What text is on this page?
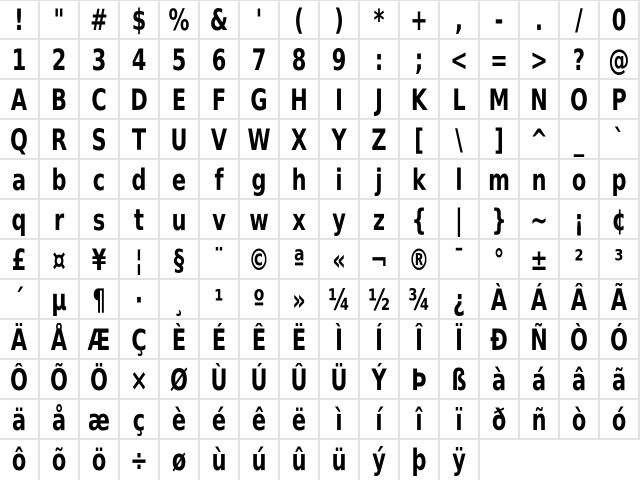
!	" # $ % & '	(	)	* + ,	-	.	/ 0
1 2 3 4 5 6 7 8 9 :	; < = > ? @
A B C D E F G H I	J K L M N O P
Q R S T U V W X Y Z [	\	] ^ _ `
a b c d e f g h i	j	k	l m n o p
q r s t u v w x y z { | } ~ ¡ ¢
£ ¤ ¥ ¦	§ ¨ © ª « ¬ ® ¯ ° ± ²	³
´ µ ¶	·	¸	¹	º » ¼ ½ ¾ ¿ À Á Â Ã
Ä Å Æ Ç È É Ê Ë Ì	Í	Î	Ï Ð Ñ Ò Ó
Ô Õ Ö × Ø Ù Ú Û Ü Ý Þ ß à á â ã
ä å æ ç è é ê ë	ì	í	î	ï	ð ñ ò ó
ô õ ö ÷ ø ù ú û ü ý þ ÿ
